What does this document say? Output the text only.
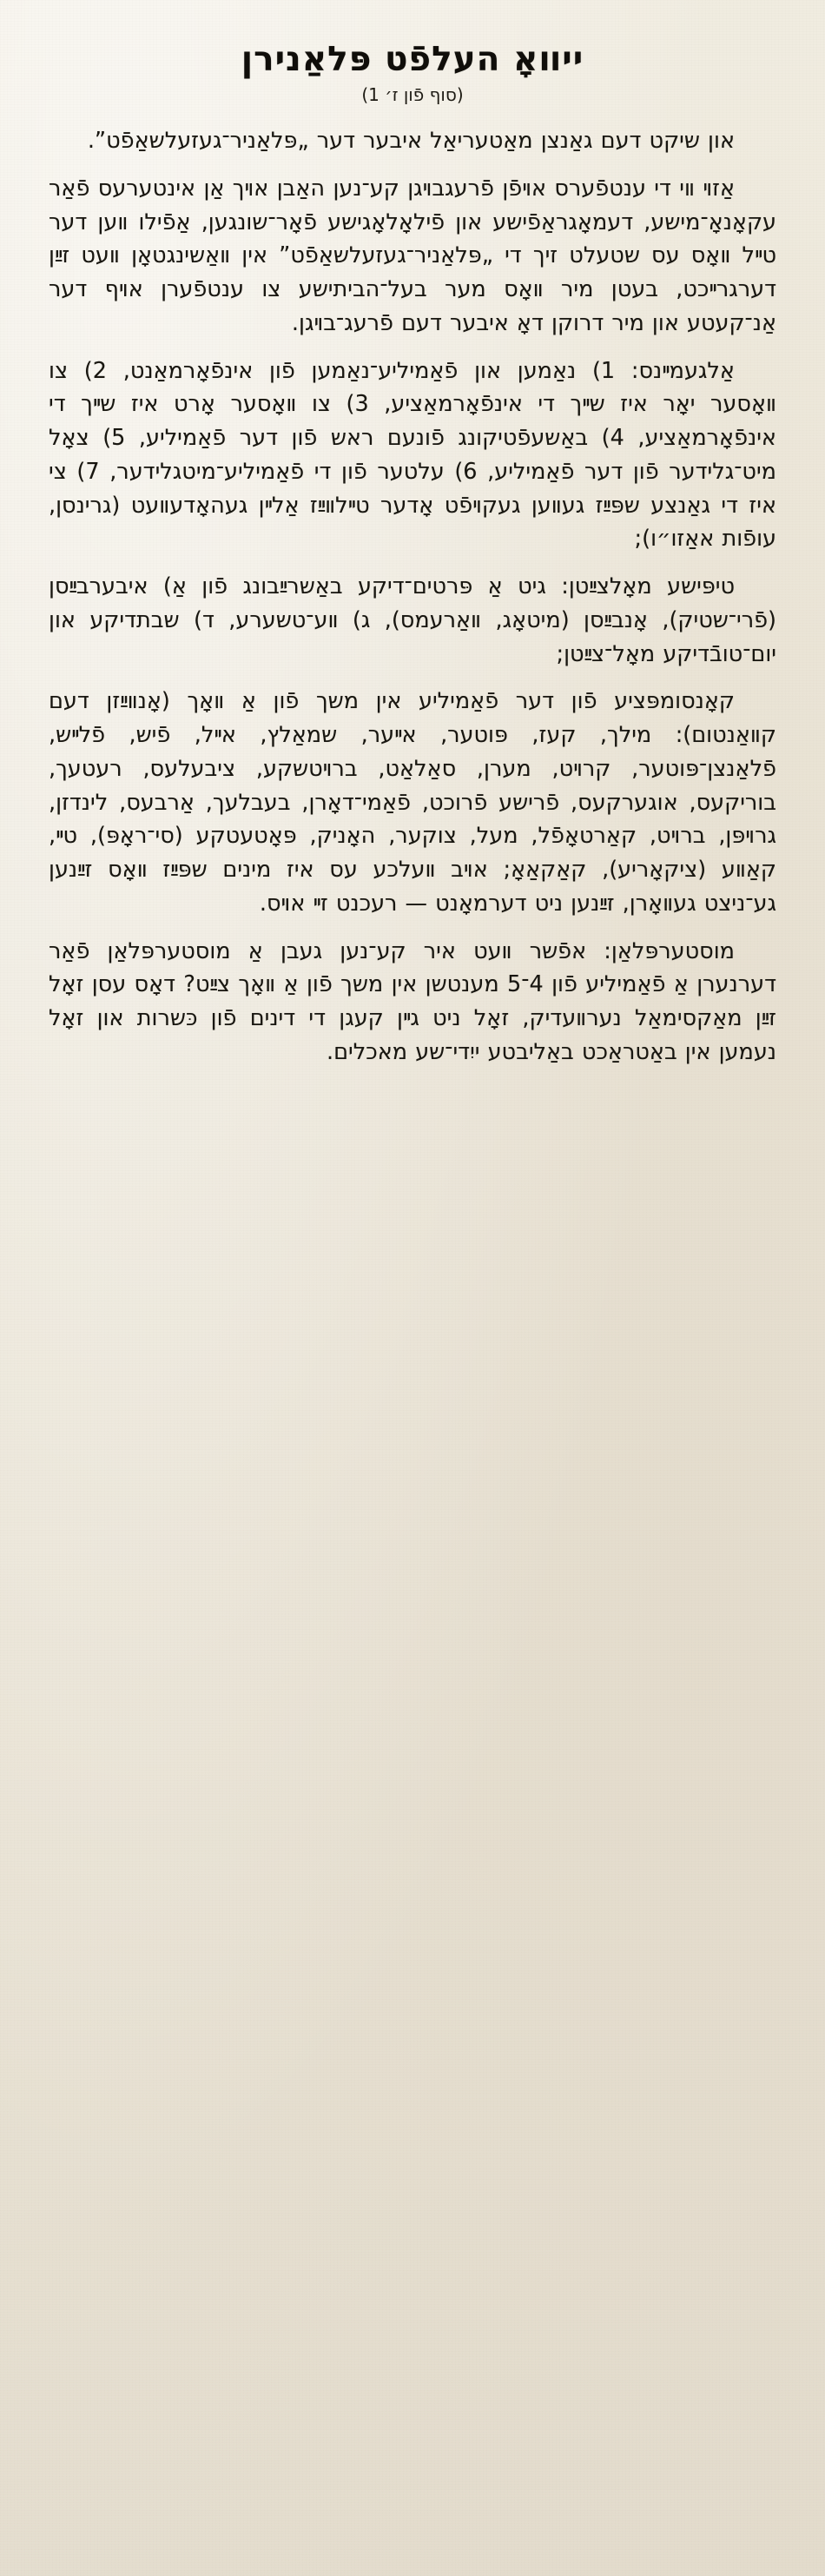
ייװאָ העלפֿט פּלאַנירן
(סוף פֿון ז׳ 1)

און שיקט דעם גאַנצן מאַטעריאַל איבער דער „פּלאַניר־געזעלשאַפֿט”.

אַזױ װי די ענטפֿערס אױפֿן פֿרעגבױגן קע־נען האַבן אױך אַן אינטערעס פֿאַר עקאָנאָ־מישע, דעמאָגראַפֿישע און פֿילאָלאָגישע פֿאָר־שונגען, אַפֿילו װען דער טײל װאָס עס שטעלט זיך די „פּלאַניר־געזעלשאַפֿט” אין װאַשינגטאָן װעט זײַן דערגרײכט, בעטן מיר װאָס מער בעל־הביתישע צו ענטפֿערן אױף דער אַנ־קעטע און מיר דרוקן דאָ איבער דעם פֿרעג־בױגן.

אַלגעמײנס: 1) נאַמען און פֿאַמיליע־נאַמען פֿון אינפֿאָרמאַנט, 2) צו װאָסער יאָר איז שײך די אינפֿאָרמאַציע, 3) צו װאָסער אָרט איז שײך די אינפֿאָרמאַציע, 4) באַשעפֿטיקונג פֿונעם ראש פֿון דער פֿאַמיליע, 5) צאָל מיט־גלידער פֿון דער פֿאַמיליע, 6) עלטער פֿון די פֿאַמיליע־מיטגלידער, 7) צי איז די גאַנצע שפּײַז געװען געקױפֿט אָדער טײלװײַז אַלײן געהאָדעװעט (גרינסן, עופֿות אאַזו״ו);

טיפּישע מאָלצײַטן: גיט אַ פּרטים־דיקע באַשרײַבונג פֿון אַ) איבערבײַסן (פֿרי־שטיק), אָנבײַסן (מיטאָג, װאַרעמס), ג) װע־טשערע, ד) שבתדיקע און יום־טובֿדיקע מאָל־צײַטן;

קאָנסומפּציע פֿון דער פֿאַמיליע אין משך פֿון אַ װאָך (אָנװײַזן דעם קװאַנטום): מילך, קעז, פּוטער, אײער, שמאַלץ, אײל, פֿיש, פֿלײש, פֿלאַנצן־פּוטער, קרױט, מערן, סאַלאַט, ברױטשקע, ציבעלעס, רעטעך, בוריקעס, אוגערקעס, פֿרישע פֿרוכט, פֿאַמי־דאָרן, בעבלעך, אַרבעס, לינדזן, גרױפּן, ברױט, קאַרטאָפֿל, מעל, צוקער, האָניק, פּאָטעטקע (סי־ראָפּ), טײ, קאַװע (ציקאָריע), קאַקאַאָ; אױב װעלכע עס איז מינים שפּײַז װאָס זײַנען גע־ניצט געװאָרן, זײַנען ניט דערמאָנט — רעכנט זײ אױס.

מוסטערפּלאַן: אפֿשר װעט איר קע־נען געבן אַ מוסטערפּלאַן פֿאַר דערנערן אַ פֿאַמיליע פֿון 4־5 מענטשן אין משך פֿון אַ װאָך צײַט? דאָס עסן זאָל זײַן מאַקסימאַל נערװעדיק, זאָל ניט גײן קעגן די דינים פֿון כּשרות און זאָל נעמען אין באַטראַכט באַליבטע ייִדי־שע מאכלים.
